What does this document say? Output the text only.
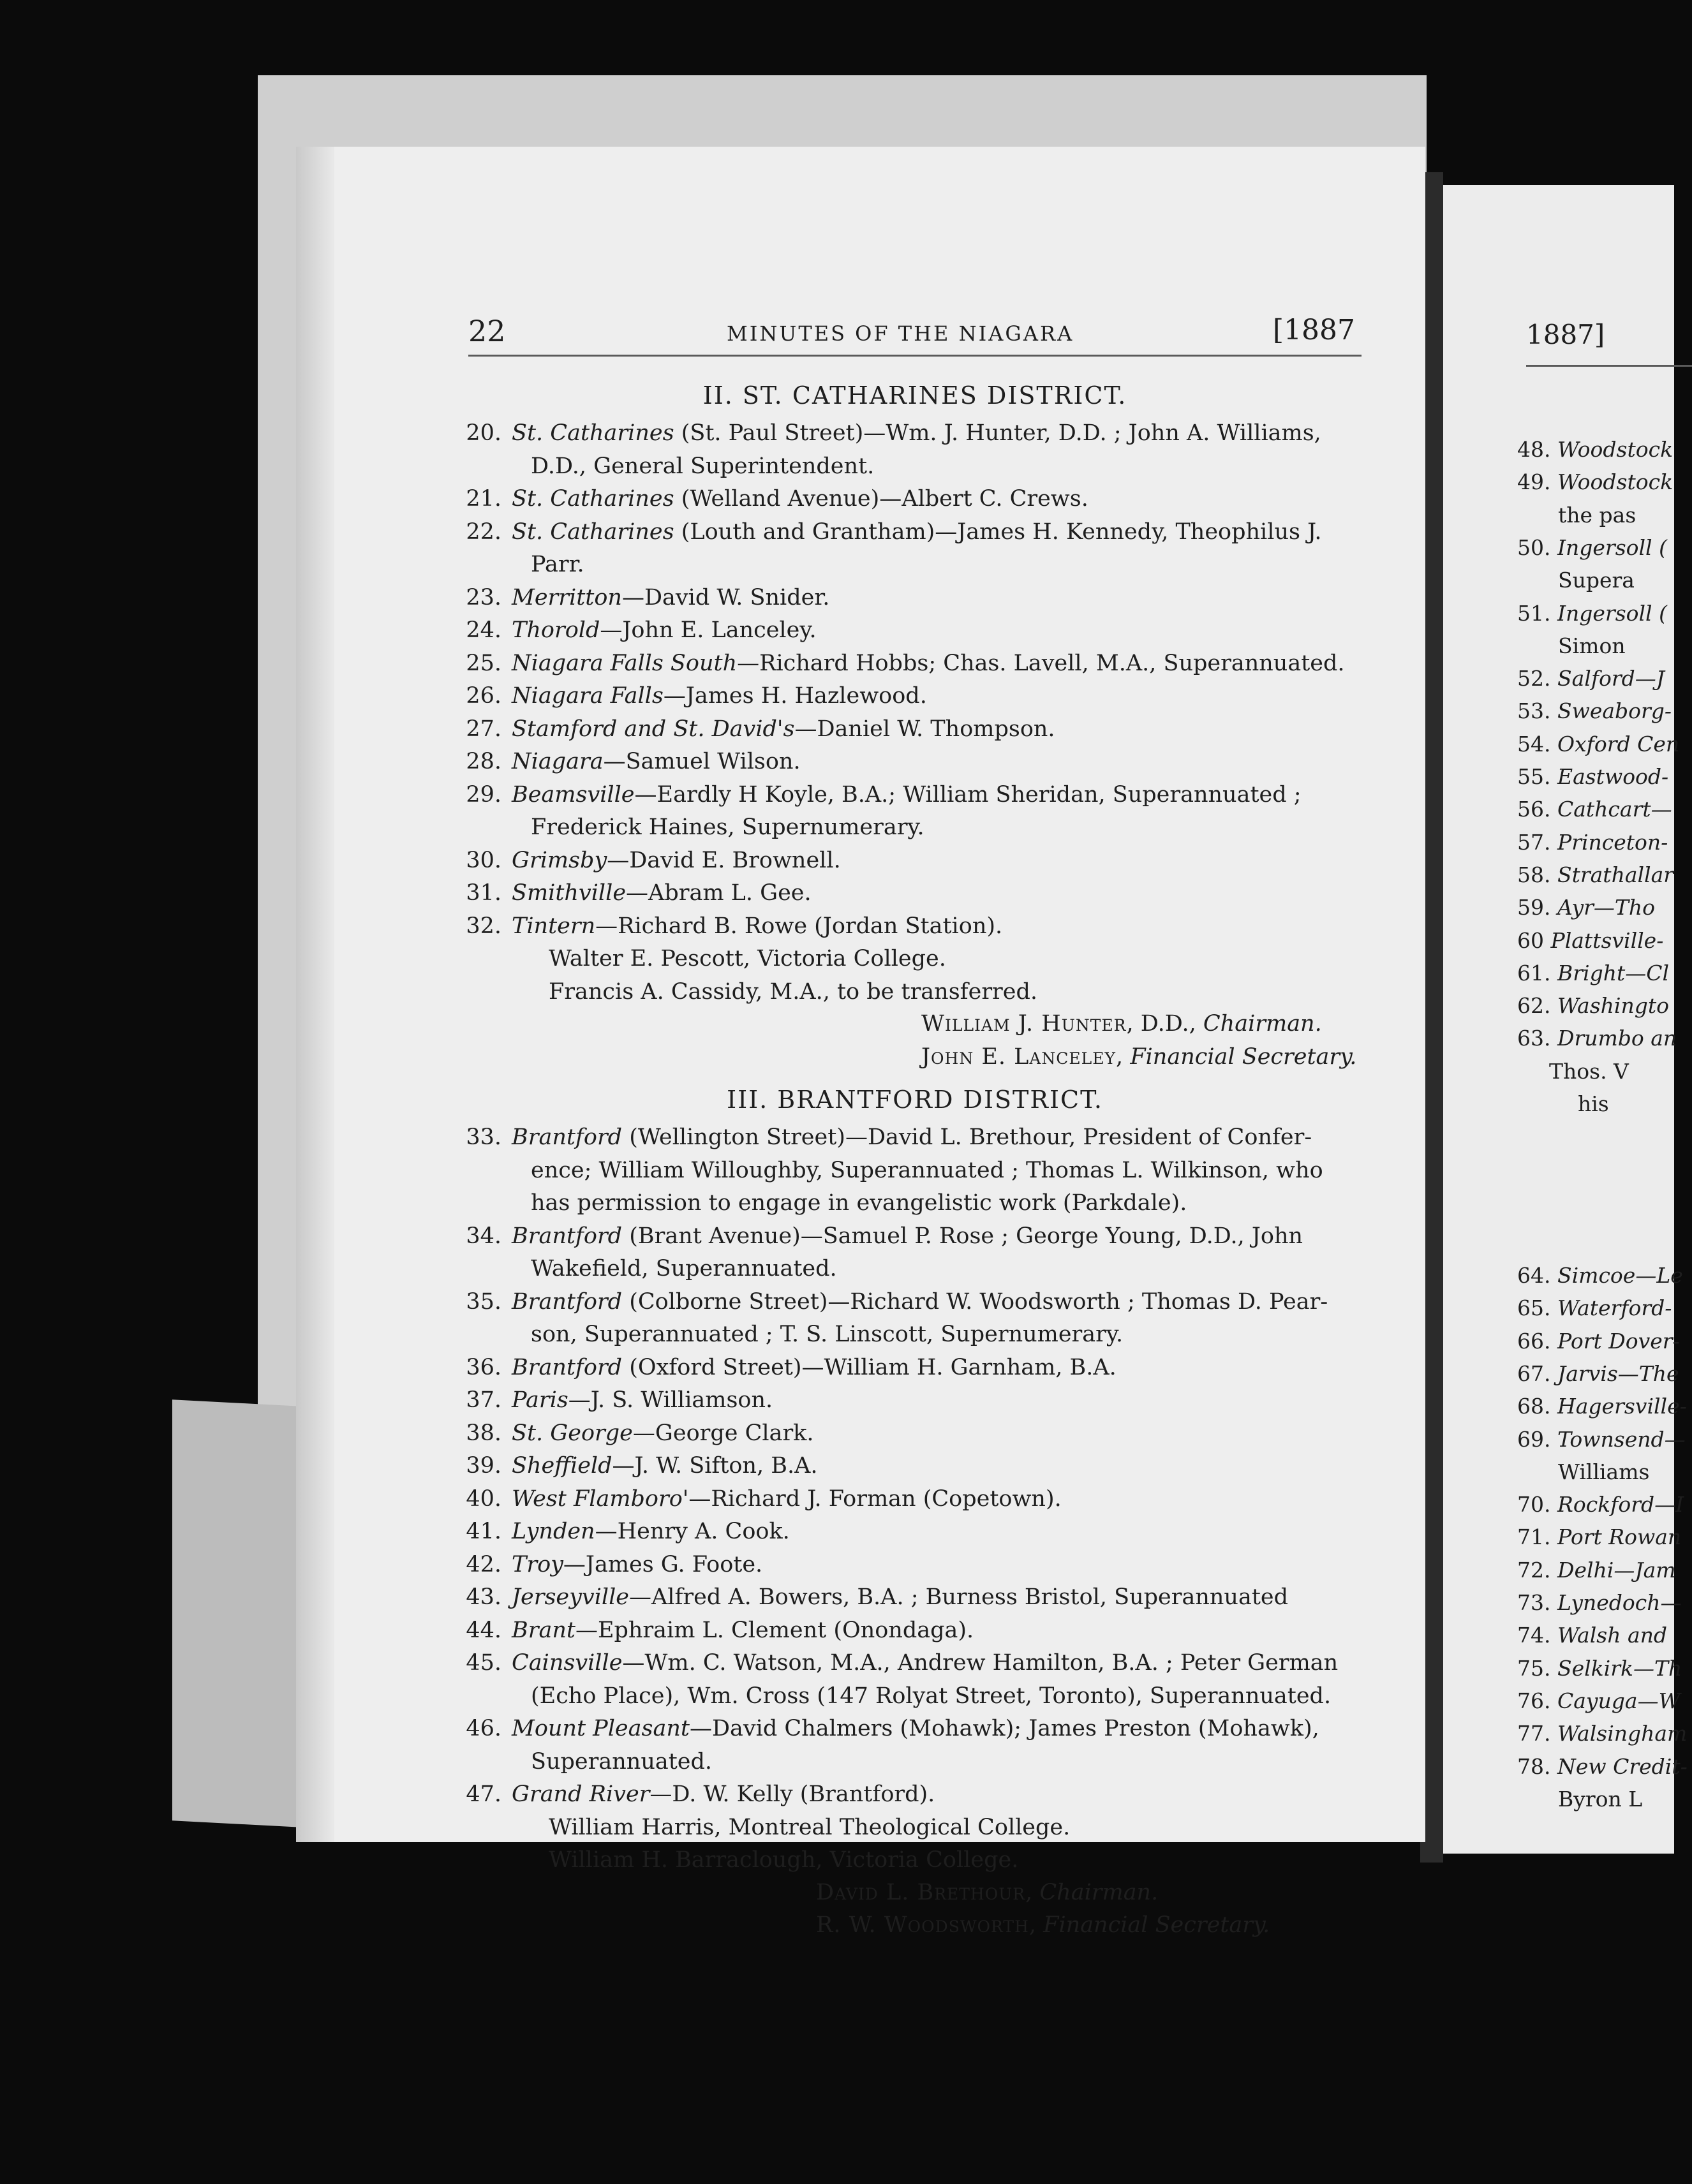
22	MINUTES OF THE NIAGARA	[1887
II. ST. CATHARINES DISTRICT.
20. St. Catharines (St. Paul Street)—Wm. J. Hunter, D.D. ; John A. Williams,
D.D., General Superintendent.
21. St. Catharines (Welland Avenue)—Albert C. Crews.
22. St. Catharines (Louth and Grantham)—James H. Kennedy, Theophilus J.
Parr.
23. Merritton—David W. Snider.
24. Thorold—John E. Lanceley.
25. Niagara Falls South—Richard Hobbs; Chas. Lavell, M.A., Superannuated.
26. Niagara Falls—James H. Hazlewood.
27. Stamford and St. David's—Daniel W. Thompson.
28. Niagara—Samuel Wilson.
29. Beamsville—Eardly H Koyle, B.A.; William Sheridan, Superannuated ;
Frederick Haines, Supernumerary.
30. Grimsby—David E. Brownell.
31. Smithville—Abram L. Gee.
32. Tintern—Richard B. Rowe (Jordan Station).
Walter E. Pescott, Victoria College.
Francis A. Cassidy, M.A., to be transferred.
William J. Hunter, D.D., Chairman.
John E. Lanceley, Financial Secretary.
III. BRANTFORD DISTRICT.
33. Brantford (Wellington Street)—David L. Brethour, President of Confer-
ence; William Willoughby, Superannuated ; Thomas L. Wilkinson, who
has permission to engage in evangelistic work (Parkdale).
34. Brantford (Brant Avenue)—Samuel P. Rose ; George Young, D.D., John
Wakefield, Superannuated.
35. Brantford (Colborne Street)—Richard W. Woodsworth ; Thomas D. Pear-
son, Superannuated ; T. S. Linscott, Supernumerary.
36. Brantford (Oxford Street)—William H. Garnham, B.A.
37. Paris—J. S. Williamson.
38. St. George—George Clark.
39. Sheffield—J. W. Sifton, B.A.
40. West Flamboro'—Richard J. Forman (Copetown).
41. Lynden—Henry A. Cook.
42. Troy—James G. Foote.
43. Jerseyville—Alfred A. Bowers, B.A. ; Burness Bristol, Superannuated
44. Brant—Ephraim L. Clement (Onondaga).
45. Cainsville—Wm. C. Watson, M.A., Andrew Hamilton, B.A. ; Peter German
(Echo Place), Wm. Cross (147 Rolyat Street, Toronto), Superannuated.
46. Mount Pleasant—David Chalmers (Mohawk); James Preston (Mohawk),
Superannuated.
47. Grand River—D. W. Kelly (Brantford).
William Harris, Montreal Theological College.
William H. Barraclough, Victoria College.
David L. Brethour, Chairman.
R. W. Woodsworth, Financial Secretary.
1887]
48. Woodstock
49. Woodstock
the pas
50. Ingersoll (
Supera
51. Ingersoll (
Simon
52. Salford—J
53. Sweaborg-
54. Oxford Cen
55. Eastwood-
56. Cathcart—
57. Princeton-
58. Strathallar
59. Ayr—Tho
60 Plattsville-
61. Bright—Cl
62. Washingto
63. Drumbo an
Thos. V
his
64. Simcoe—Le
65. Waterford-
66. Port Dover-
67. Jarvis—The
68. Hagersville-
69. Townsend—
Williams
70. Rockford—I
71. Port Rowan
72. Delhi—Jam
73. Lynedoch—
74. Walsh and
75. Selkirk—Th
76. Cayuga—W
77. Walsingham
78. New Credit-
Byron L
